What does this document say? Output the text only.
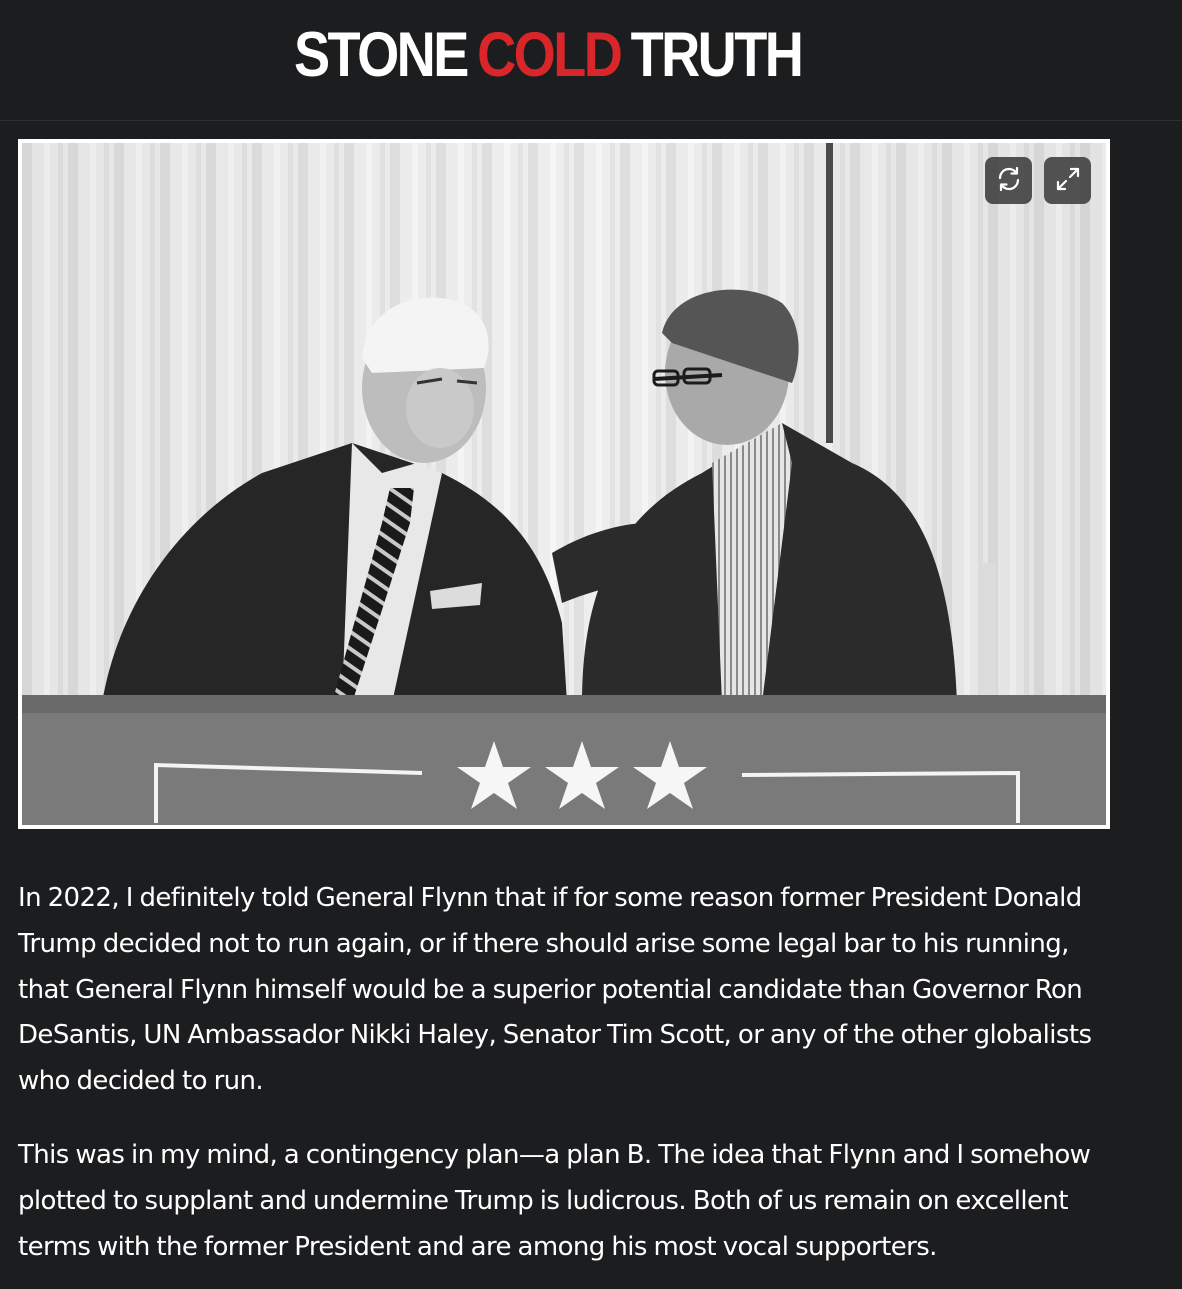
STONE COLD TRUTH

In 2022, I definitely told General Flynn that if for some reason former President Donald Trump decided not to run again, or if there should arise some legal bar to his running, that General Flynn himself would be a superior potential candidate than Governor Ron DeSantis, UN Ambassador Nikki Haley, Senator Tim Scott, or any of the other globalists who decided to run.

This was in my mind, a contingency plan—a plan B. The idea that Flynn and I somehow plotted to supplant and undermine Trump is ludicrous. Both of us remain on excellent terms with the former President and are among his most vocal supporters.
